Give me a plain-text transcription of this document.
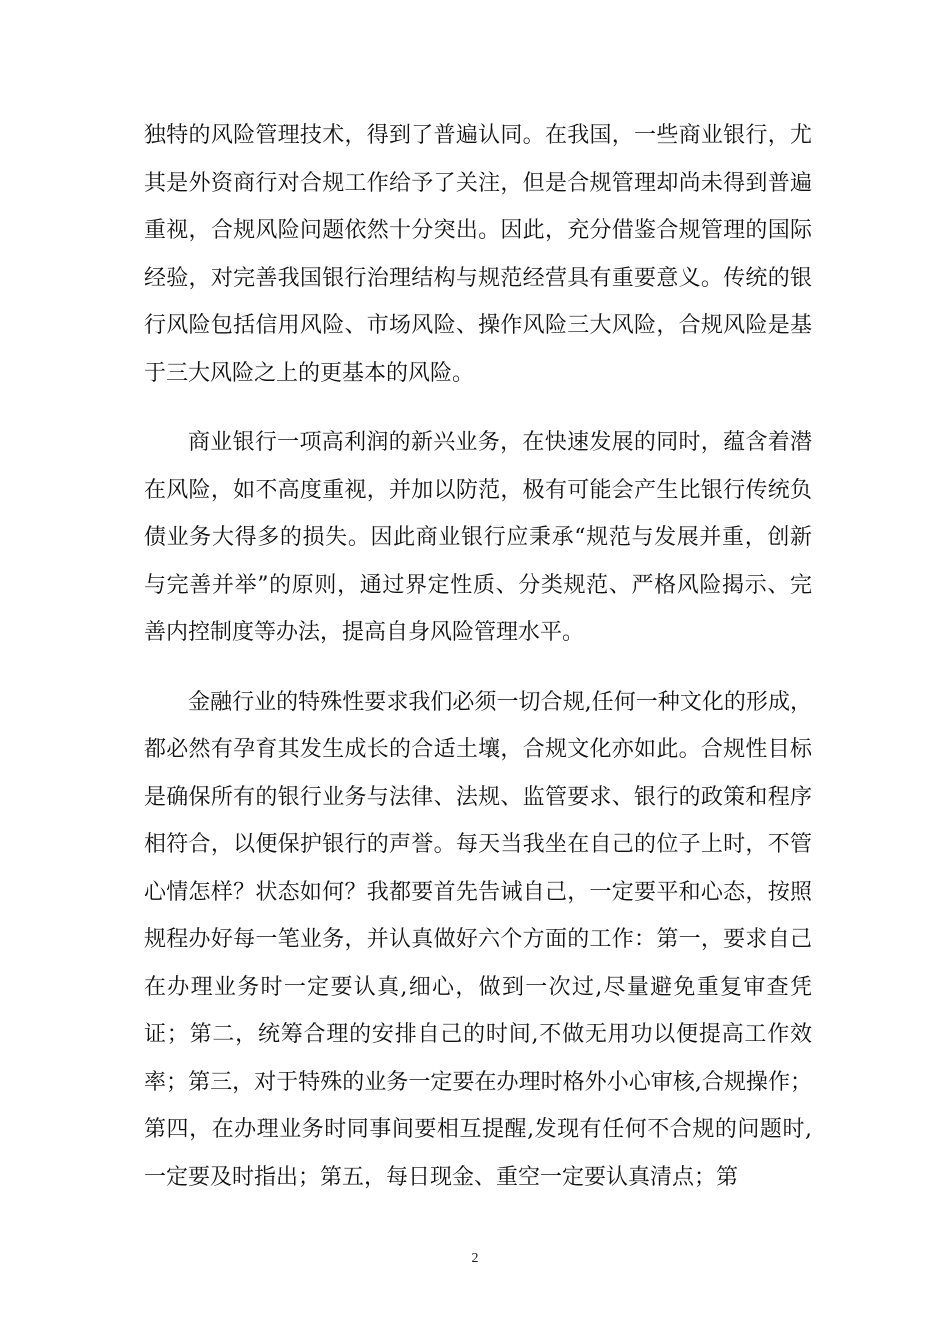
独特的风险管理技术，得到了普遍认同。在我国，一些商业银行，尤其是外资商行对合规工作给予了关注，但是合规管理却尚未得到普遍重视，合规风险问题依然十分突出。因此，充分借鉴合规管理的国际经验，对完善我国银行治理结构与规范经营具有重要意义。传统的银行风险包括信用风险、市场风险、操作风险三大风险，合规风险是基于三大风险之上的更基本的风险。

商业银行一项高利润的新兴业务，在快速发展的同时，蕴含着潜在风险，如不高度重视，并加以防范，极有可能会产生比银行传统负债业务大得多的损失。因此商业银行应秉承“规范与发展并重，创新与完善并举”的原则，通过界定性质、分类规范、严格风险揭示、完善内控制度等办法，提高自身风险管理水平。

金融行业的特殊性要求我们必须一切合规,任何一种文化的形成，都必然有孕育其发生成长的合适土壤，合规文化亦如此。合规性目标是确保所有的银行业务与法律、法规、监管要求、银行的政策和程序相符合，以便保护银行的声誉。每天当我坐在自己的位子上时，不管心情怎样？状态如何？我都要首先告诫自己，一定要平和心态，按照规程办好每一笔业务，并认真做好六个方面的工作：第一，要求自己在办理业务时一定要认真,细心，做到一次过,尽量避免重复审查凭证；第二，统筹合理的安排自己的时间,不做无用功以便提高工作效率；第三，对于特殊的业务一定要在办理时格外小心审核,合规操作；第四，在办理业务时同事间要相互提醒,发现有任何不合规的问题时,一定要及时指出；第五，每日现金、重空一定要认真清点；第

2
